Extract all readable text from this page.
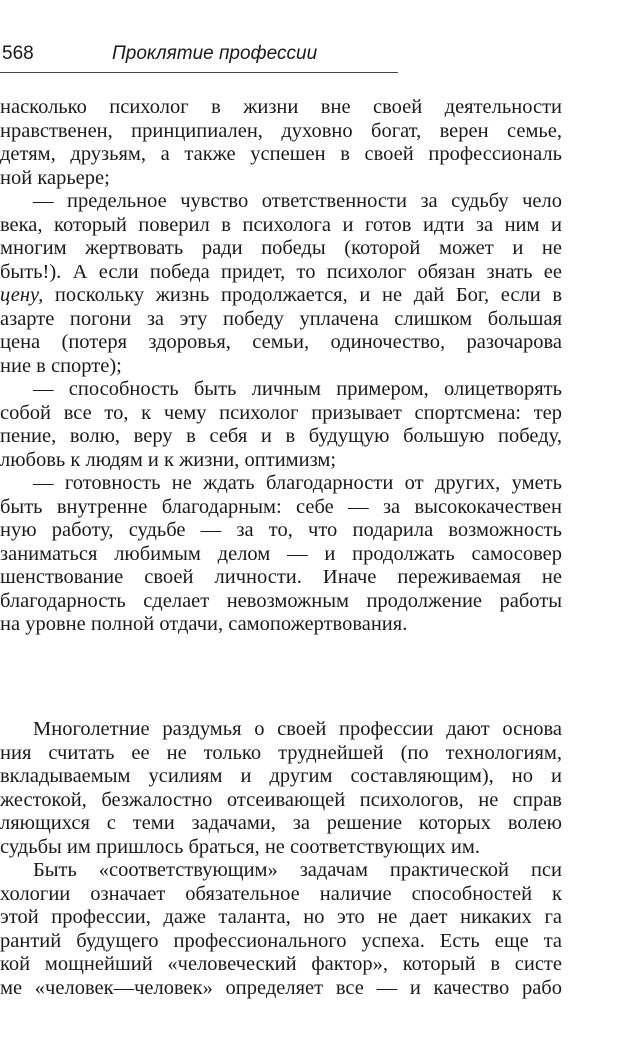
568	Проклятие профессии
насколько психолог в жизни вне своей деятельности
нравственен, принципиален, духовно богат, верен семье,
детям, друзьям, а также успешен в своей профессиональ
ной карьере;
— предельное чувство ответственности за судьбу чело
века, который поверил в психолога и готов идти за ним и
многим жертвовать ради победы (которой может и не
быть!). А если победа придет, то психолог обязан знать ее
цену, поскольку жизнь продолжается, и не дай Бог, если в
азарте погони за эту победу уплачена слишком большая
цена (потеря здоровья, семьи, одиночество, разочарова
ние в спорте);
— способность быть личным примером, олицетворять
собой все то, к чему психолог призывает спортсмена: тер
пение, волю, веру в себя и в будущую большую победу,
любовь к людям и к жизни, оптимизм;
— готовность не ждать благодарности от других, уметь
быть внутренне благодарным: себе — за высококачествен
ную работу, судьбе — за то, что подарила возможность
заниматься любимым делом — и продолжать самосовер
шенствование своей личности. Иначе переживаемая не
благодарность сделает невозможным продолжение работы
на уровне полной отдачи, самопожертвования.
Многолетние раздумья о своей профессии дают основа
ния считать ее не только труднейшей (по технологиям,
вкладываемым усилиям и другим составляющим), но и
жестокой, безжалостно отсеивающей психологов, не справ
ляющихся с теми задачами, за решение которых волею
судьбы им пришлось браться, не соответствующих им.
Быть «соответствующим» задачам практической пси
хологии означает обязательное наличие способностей к
этой профессии, даже таланта, но это не дает никаких га
рантий будущего профессионального успеха. Есть еще та
кой мощнейший «человеческий фактор», который в систе
ме «человек—человек» определяет все — и качество рабо
